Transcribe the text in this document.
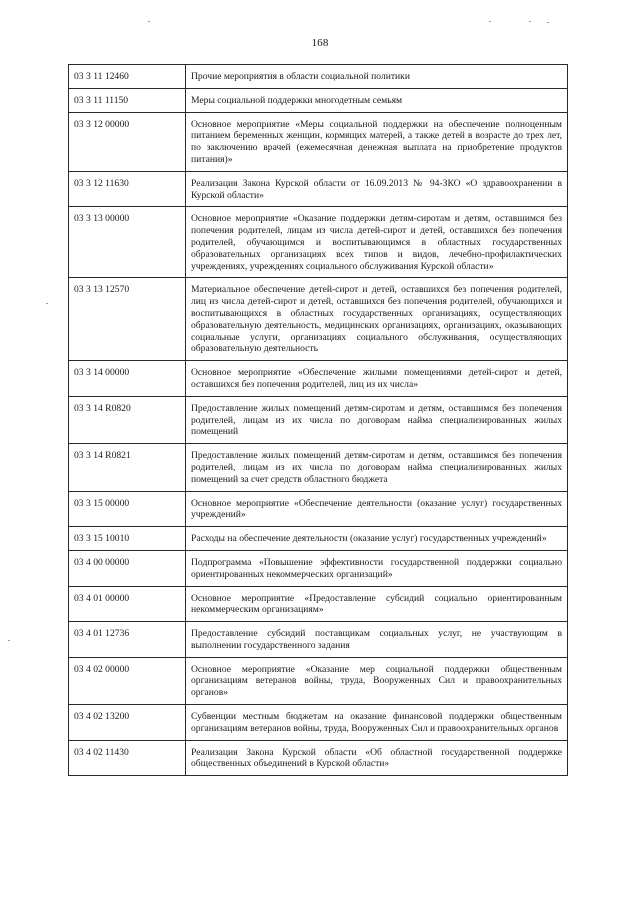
168
03 3 11 12460	Прочие мероприятия в области социальной политики
03 3 11 11150	Меры социальной поддержки многодетным семьям
03 3 12 00000	Основное мероприятие «Меры социальной поддержки на обеспечение полноценным питанием беременных женщин, кормящих матерей, а также детей в возрасте до трех лет, по заключению врачей (ежемесячная денежная выплата на приобретение продуктов питания)»
03 3 12 11630	Реализация Закона Курской области от 16.09.2013 № 94-ЗКО «О здравоохранении в Курской области»
03 3 13 00000	Основное мероприятие «Оказание поддержки детям-сиротам и детям, оставшимся без попечения родителей, лицам из числа детей-сирот и детей, оставшихся без попечения родителей, обучающимся и воспитывающимся в областных государственных образовательных организациях всех типов и видов, лечебно-профилактических учреждениях, учреждениях социального обслуживания Курской области»
03 3 13 12570	Материальное обеспечение детей-сирот и детей, оставшихся без попечения родителей, лиц из числа детей-сирот и детей, оставшихся без попечения родителей, обучающихся и воспитывающихся в областных государственных организациях, осуществляющих образовательную деятельность, медицинских организациях, организациях, оказывающих социальные услуги, организациях социального обслуживания, осуществляющих образовательную деятельность
03 3 14 00000	Основное мероприятие «Обеспечение жилыми помещениями детей-сирот и детей, оставшихся без попечения родителей, лиц из их числа»
03 3 14 R0820	Предоставление жилых помещений детям-сиротам и детям, оставшимся без попечения родителей, лицам из их числа по договорам найма специализированных жилых помещений
03 3 14 R0821	Предоставление жилых помещений детям-сиротам и детям, оставшимся без попечения родителей, лицам из их числа по договорам найма специализированных жилых помещений за счет средств областного бюджета
03 3 15 00000	Основное мероприятие «Обеспечение деятельности (оказание услуг) государственных учреждений»
03 3 15 10010	Расходы на обеспечение деятельности (оказание услуг) государственных учреждений»
03 4 00 00000	Подпрограмма «Повышение эффективности государственной поддержки социально ориентированных некоммерческих организаций»
03 4 01 00000	Основное мероприятие «Предоставление субсидий социально ориентированным некоммерческим организациям»
03 4 01 12736	Предоставление субсидий поставщикам социальных услуг, не участвующим в выполнении государственного задания
03 4 02 00000	Основное мероприятие «Оказание мер социальной поддержки общественным организациям ветеранов войны, труда, Вооруженных Сил и правоохранительных органов»
03 4 02 13200	Субвенции местным бюджетам на оказание финансовой поддержки общественным организациям ветеранов войны, труда, Вооруженных Сил и правоохранительных органов
03 4 02 11430	Реализация Закона Курской области «Об областной государственной поддержке общественных объединений в Курской области»
